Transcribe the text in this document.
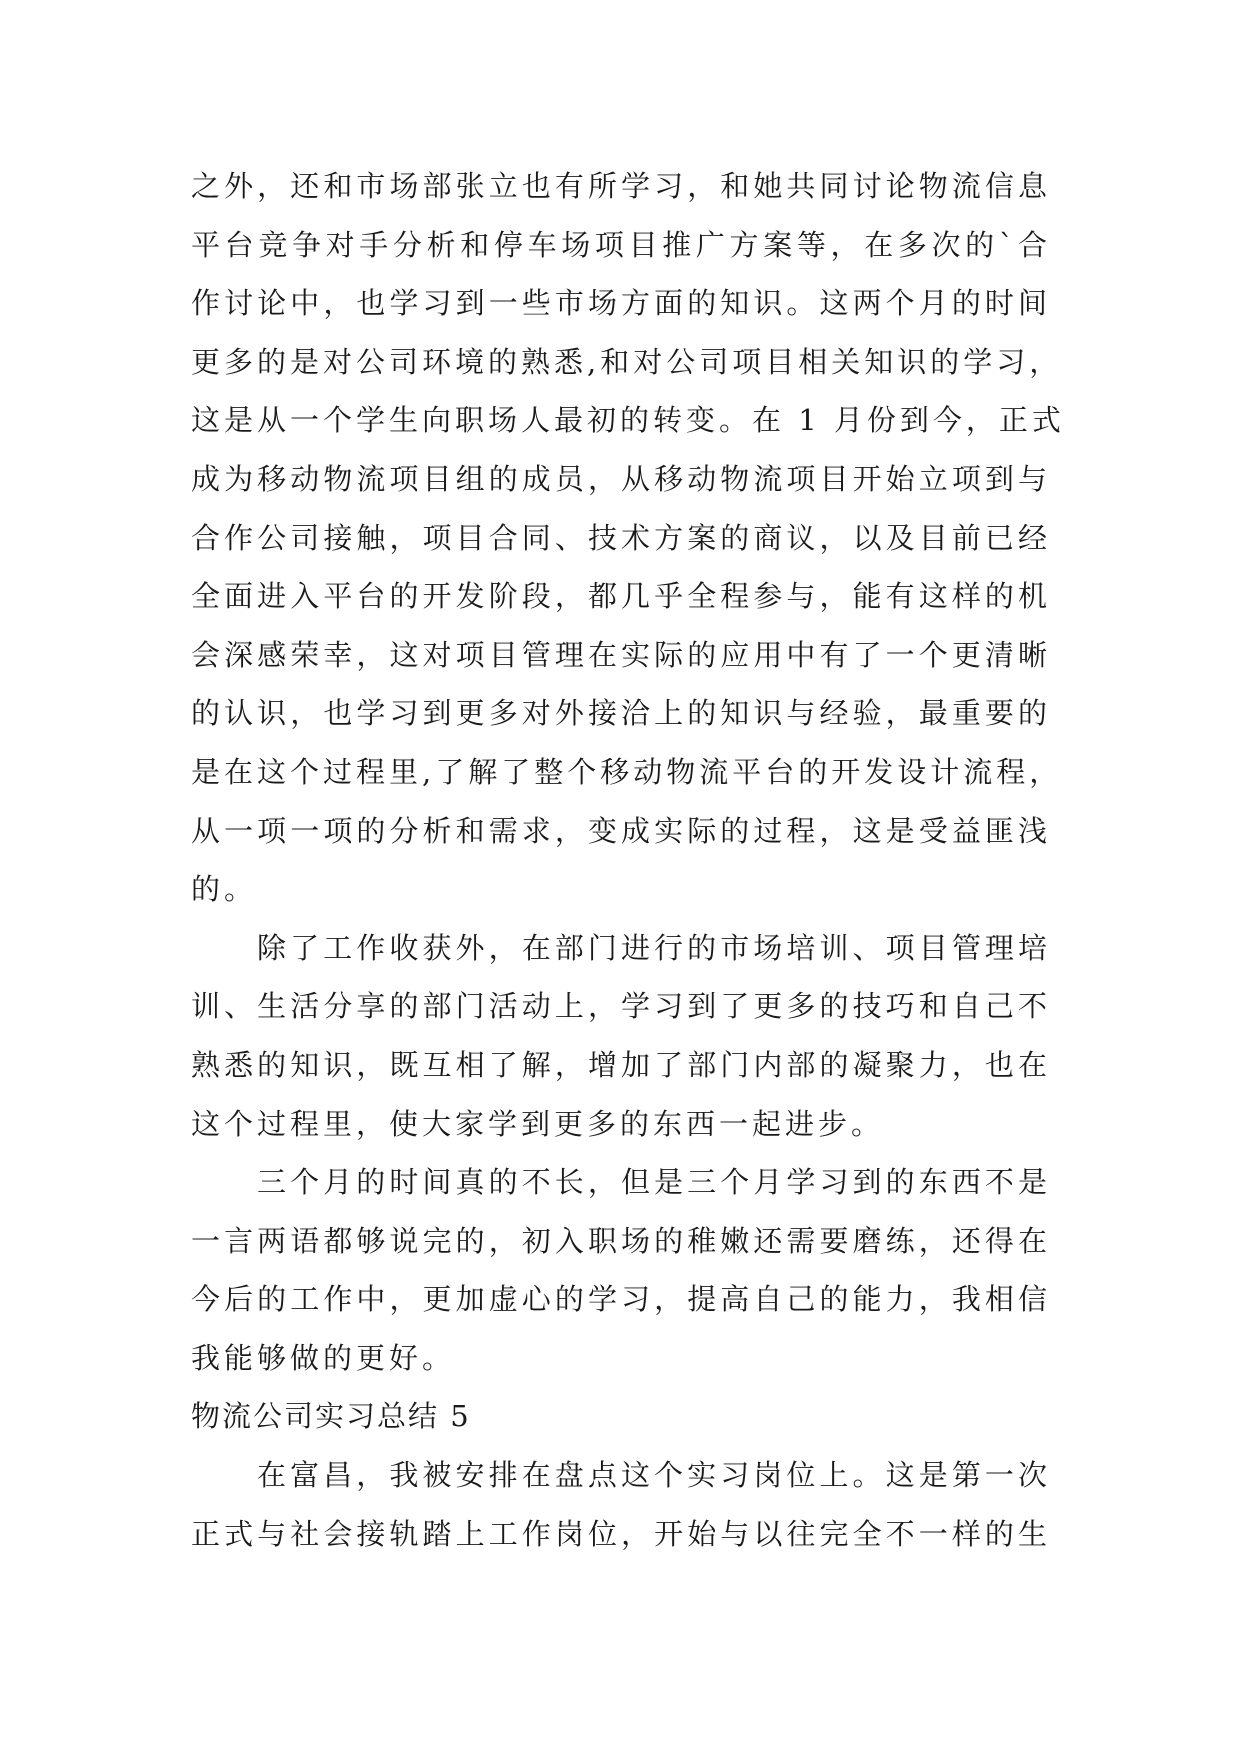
之外，还和市场部张立也有所学习，和她共同讨论物流信息
平台竞争对手分析和停车场项目推广方案等，在多次的`合
作讨论中，也学习到一些市场方面的知识。这两个月的时间
更多的是对公司环境的熟悉,和对公司项目相关知识的学习，
这是从一个学生向职场人最初的转变。在 1 月份到今，正式
成为移动物流项目组的成员，从移动物流项目开始立项到与
合作公司接触，项目合同、技术方案的商议，以及目前已经
全面进入平台的开发阶段，都几乎全程参与，能有这样的机
会深感荣幸，这对项目管理在实际的应用中有了一个更清晰
的认识，也学习到更多对外接洽上的知识与经验，最重要的
是在这个过程里,了解了整个移动物流平台的开发设计流程，
从一项一项的分析和需求，变成实际的过程，这是受益匪浅
的。
除了工作收获外，在部门进行的市场培训、项目管理培
训、生活分享的部门活动上，学习到了更多的技巧和自己不
熟悉的知识，既互相了解，增加了部门内部的凝聚力，也在
这个过程里，使大家学到更多的东西一起进步。
三个月的时间真的不长，但是三个月学习到的东西不是
一言两语都够说完的，初入职场的稚嫩还需要磨练，还得在
今后的工作中，更加虚心的学习，提高自己的能力，我相信
我能够做的更好。
物流公司实习总结 5
在富昌，我被安排在盘点这个实习岗位上。这是第一次
正式与社会接轨踏上工作岗位，开始与以往完全不一样的生
